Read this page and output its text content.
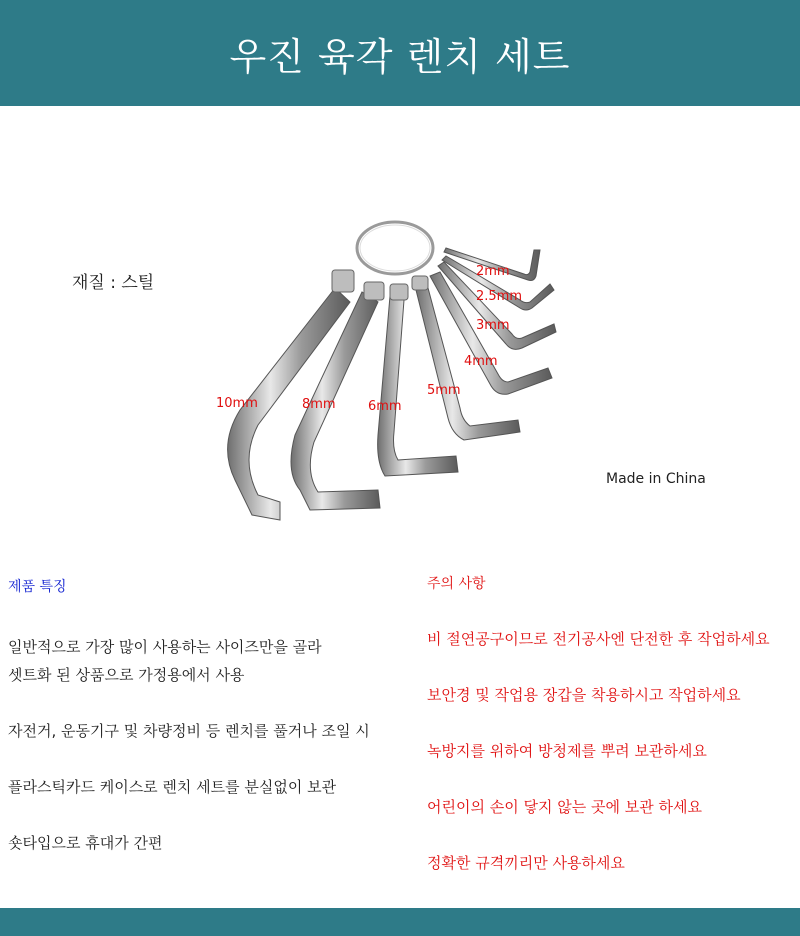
우진 육각 렌치 세트
재질 : 스틸
2mm
2.5mm
3mm
4mm
5mm
6mm
8mm
10mm
Made in China
제품 특징

일반적으로 가장 많이 사용하는 사이즈만을 골라
셋트화 된 상품으로 가정용에서 사용

자전거, 운동기구 및 차량정비 등 렌치를 풀거나 조일 시

플라스틱카드 케이스로 렌치 세트를 분실없이 보관

숏타입으로 휴대가 간편

주의 사항

비 절연공구이므로 전기공사엔 단전한 후 작업하세요

보안경 및 작업용 장갑을 착용하시고 작업하세요

녹방지를 위하여 방청제를 뿌려 보관하세요

어린이의 손이 닿지 않는 곳에 보관 하세요

정확한 규격끼리만 사용하세요
